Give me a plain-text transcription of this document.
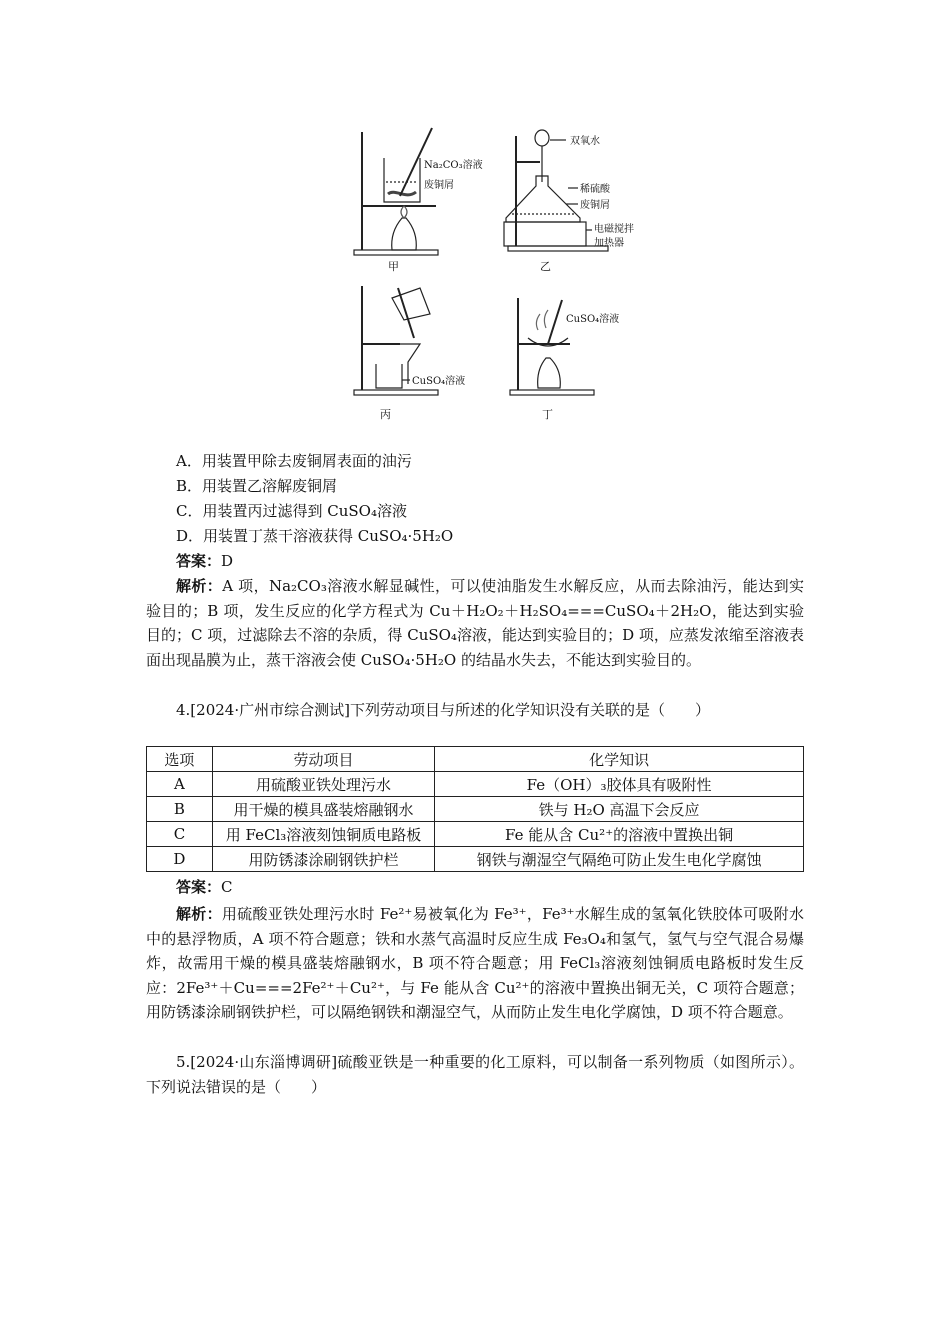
Na₂CO₃溶液
废铜屑
双氧水
稀硫酸
废铜屑
电磁搅拌
加热器
CuSO₄溶液
CuSO₄溶液
甲	乙
丙	丁
A．用装置甲除去废铜屑表面的油污
B．用装置乙溶解废铜屑
C．用装置丙过滤得到 CuSO₄溶液
D．用装置丁蒸干溶液获得 CuSO₄·5H₂O
答案：D
解析：A 项，Na₂CO₃溶液水解显碱性，可以使油脂发生水解反应，从而去除油污，能达到实验目的；B 项，发生反应的化学方程式为 Cu＋H₂O₂＋H₂SO₄===CuSO₄＋2H₂O，能达到实验目的；C 项，过滤除去不溶的杂质，得 CuSO₄溶液，能达到实验目的；D 项，应蒸发浓缩至溶液表面出现晶膜为止，蒸干溶液会使 CuSO₄·5H₂O 的结晶水失去，不能达到实验目的。
4.[2024·广州市综合测试]下列劳动项目与所述的化学知识没有关联的是（　　）
选项	劳动项目	化学知识
A	用硫酸亚铁处理污水	Fe（OH）₃胶体具有吸附性
B	用干燥的模具盛装熔融钢水	铁与 H₂O 高温下会反应
C	用 FeCl₃溶液刻蚀铜质电路板	Fe 能从含 Cu²⁺的溶液中置换出铜
D	用防锈漆涂刷钢铁护栏	钢铁与潮湿空气隔绝可防止发生电化学腐蚀
答案：C
解析：用硫酸亚铁处理污水时 Fe²⁺易被氧化为 Fe³⁺，Fe³⁺水解生成的氢氧化铁胶体可吸附水中的悬浮物质，A 项不符合题意；铁和水蒸气高温时反应生成 Fe₃O₄和氢气，氢气与空气混合易爆炸，故需用干燥的模具盛装熔融钢水，B 项不符合题意；用 FeCl₃溶液刻蚀铜质电路板时发生反应：2Fe³⁺＋Cu===2Fe²⁺＋Cu²⁺，与 Fe 能从含 Cu²⁺的溶液中置换出铜无关，C 项符合题意；用防锈漆涂刷钢铁护栏，可以隔绝钢铁和潮湿空气，从而防止发生电化学腐蚀，D 项不符合题意。
5.[2024·山东淄博调研]硫酸亚铁是一种重要的化工原料，可以制备一系列物质（如图所示）。下列说法错误的是（　　）
